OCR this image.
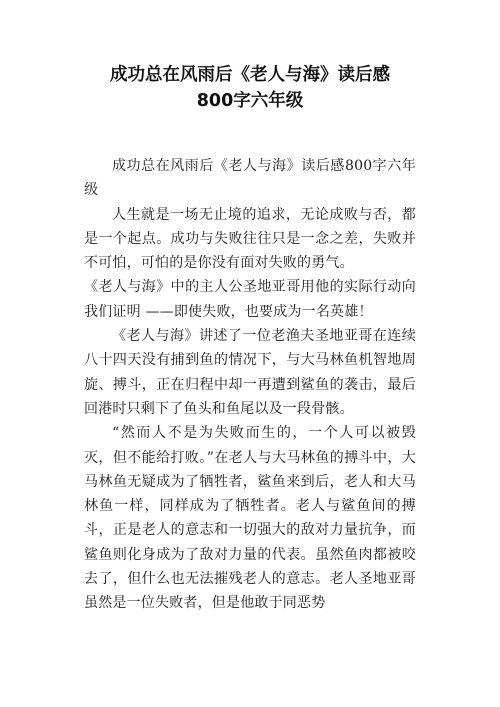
成功总在风雨后《老人与海》读后感
800字六年级

成功总在风雨后《老人与海》读后感800字六年级

人生就是一场无止境的追求，无论成败与否，都是一个起点。成功与失败往往只是一念之差，失败并不可怕，可怕的是你没有面对失败的勇气。

《老人与海》中的主人公圣地亚哥用他的实际行动向我们证明 ——即使失败，也要成为一名英雄！

《老人与海》讲述了一位老渔夫圣地亚哥在连续八十四天没有捕到鱼的情况下，与大马林鱼机智地周旋、搏斗，正在归程中却一再遭到鲨鱼的袭击，最后回港时只剩下了鱼头和鱼尾以及一段骨骸。

“然而人不是为失败而生的，一个人可以被毁灭，但不能给打败。”在老人与大马林鱼的搏斗中，大马林鱼无疑成为了牺牲者，鲨鱼来到后，老人和大马林鱼一样，同样成为了牺牲者。老人与鲨鱼间的搏斗，正是老人的意志和一切强大的敌对力量抗争，而鲨鱼则化身成为了敌对力量的代表。虽然鱼肉都被咬去了，但什么也无法摧残老人的意志。老人圣地亚哥虽然是一位失败者，但是他敢于同恶势
